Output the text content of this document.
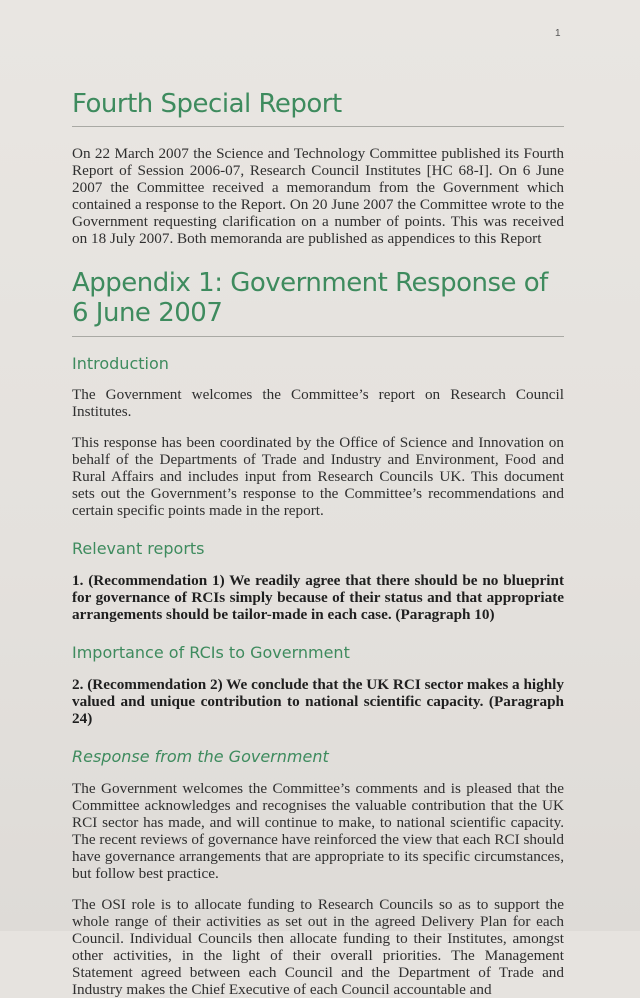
1
Fourth Special Report

On 22 March 2007 the Science and Technology Committee published its Fourth Report of Session 2006-07, Research Council Institutes [HC 68-I]. On 6 June 2007 the Committee received a memorandum from the Government which contained a response to the Report. On 20 June 2007 the Committee wrote to the Government requesting clarification on a number of points. This was received on 18 July 2007. Both memoranda are published as appendices to this Report

Appendix 1: Government Response of 6 June 2007
Introduction

The Government welcomes the Committee’s report on Research Council Institutes.

This response has been coordinated by the Office of Science and Innovation on behalf of the Departments of Trade and Industry and Environment, Food and Rural Affairs and includes input from Research Councils UK. This document sets out the Government’s response to the Committee’s recommendations and certain specific points made in the report.

Relevant reports

1. (Recommendation 1) We readily agree that there should be no blueprint for governance of RCIs simply because of their status and that appropriate arrangements should be tailor-made in each case. (Paragraph 10)

Importance of RCIs to Government

2. (Recommendation 2) We conclude that the UK RCI sector makes a highly valued and unique contribution to national scientific capacity. (Paragraph 24)

Response from the Government

The Government welcomes the Committee’s comments and is pleased that the Committee acknowledges and recognises the valuable contribution that the UK RCI sector has made, and will continue to make, to national scientific capacity. The recent reviews of governance have reinforced the view that each RCI should have governance arrangements that are appropriate to its specific circumstances, but follow best practice.

The OSI role is to allocate funding to Research Councils so as to support the whole range of their activities as set out in the agreed Delivery Plan for each Council. Individual Councils then allocate funding to their Institutes, amongst other activities, in the light of their overall priorities. The Management Statement agreed between each Council and the Department of Trade and Industry makes the Chief Executive of each Council accountable and
